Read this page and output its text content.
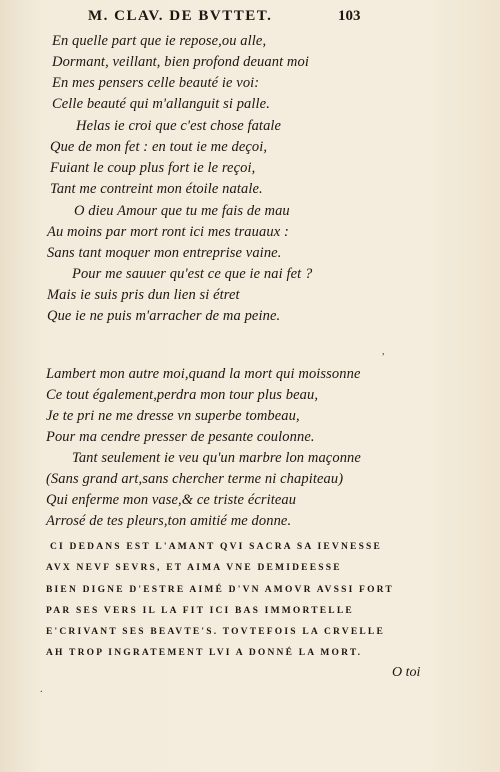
M. CLAV. DE BVTTET.	103
En quelle part que ie repose,ou alle,
Dormant, veillant, bien profond deuant moi
En mes pensers celle beauté ie voi:
Celle beauté qui m'allanguit si palle.
Helas ie croi que c'est chose fatale
Que de mon fet : en tout ie me deçoi,
Fuiant le coup plus fort ie le reçoi,
Tant me contreint mon étoile natale.
O dieu Amour que tu me fais de mau
Au moins par mort ront ici mes trauaux :
Sans tant moquer mon entreprise vaine.
Pour me sauuer qu'est ce que ie nai fet ?
Mais ie suis pris dun lien si étret
Que ie ne puis m'arracher de ma peine.
,
Lambert mon autre moi,quand la mort qui moissonne
Ce tout également,perdra mon tour plus beau,
Je te pri ne me dresse vn superbe tombeau,
Pour ma cendre presser de pesante coulonne.
Tant seulement ie veu qu'un marbre lon maçonne
(Sans grand art,sans chercher terme ni chapiteau)
Qui enferme mon vase,& ce triste écriteau
Arrosé de tes pleurs,ton amitié me donne.
CI DEDANS EST L'AMANT QVI SACRA SA IEVNESSE
AVX NEVF SEVRS, ET AIMA VNE DEMIDEESSE
BIEN DIGNE D'ESTRE AIMÉ D'VN AMOVR AVSSI FORT
PAR SES VERS IL LA FIT ICI BAS IMMORTELLE
E'CRIVANT SES BEAVTE'S. TOVTEFOIS LA CRVELLE
AH TROP INGRATEMENT LVI A DONNÉ LA MORT.
O toi
.
